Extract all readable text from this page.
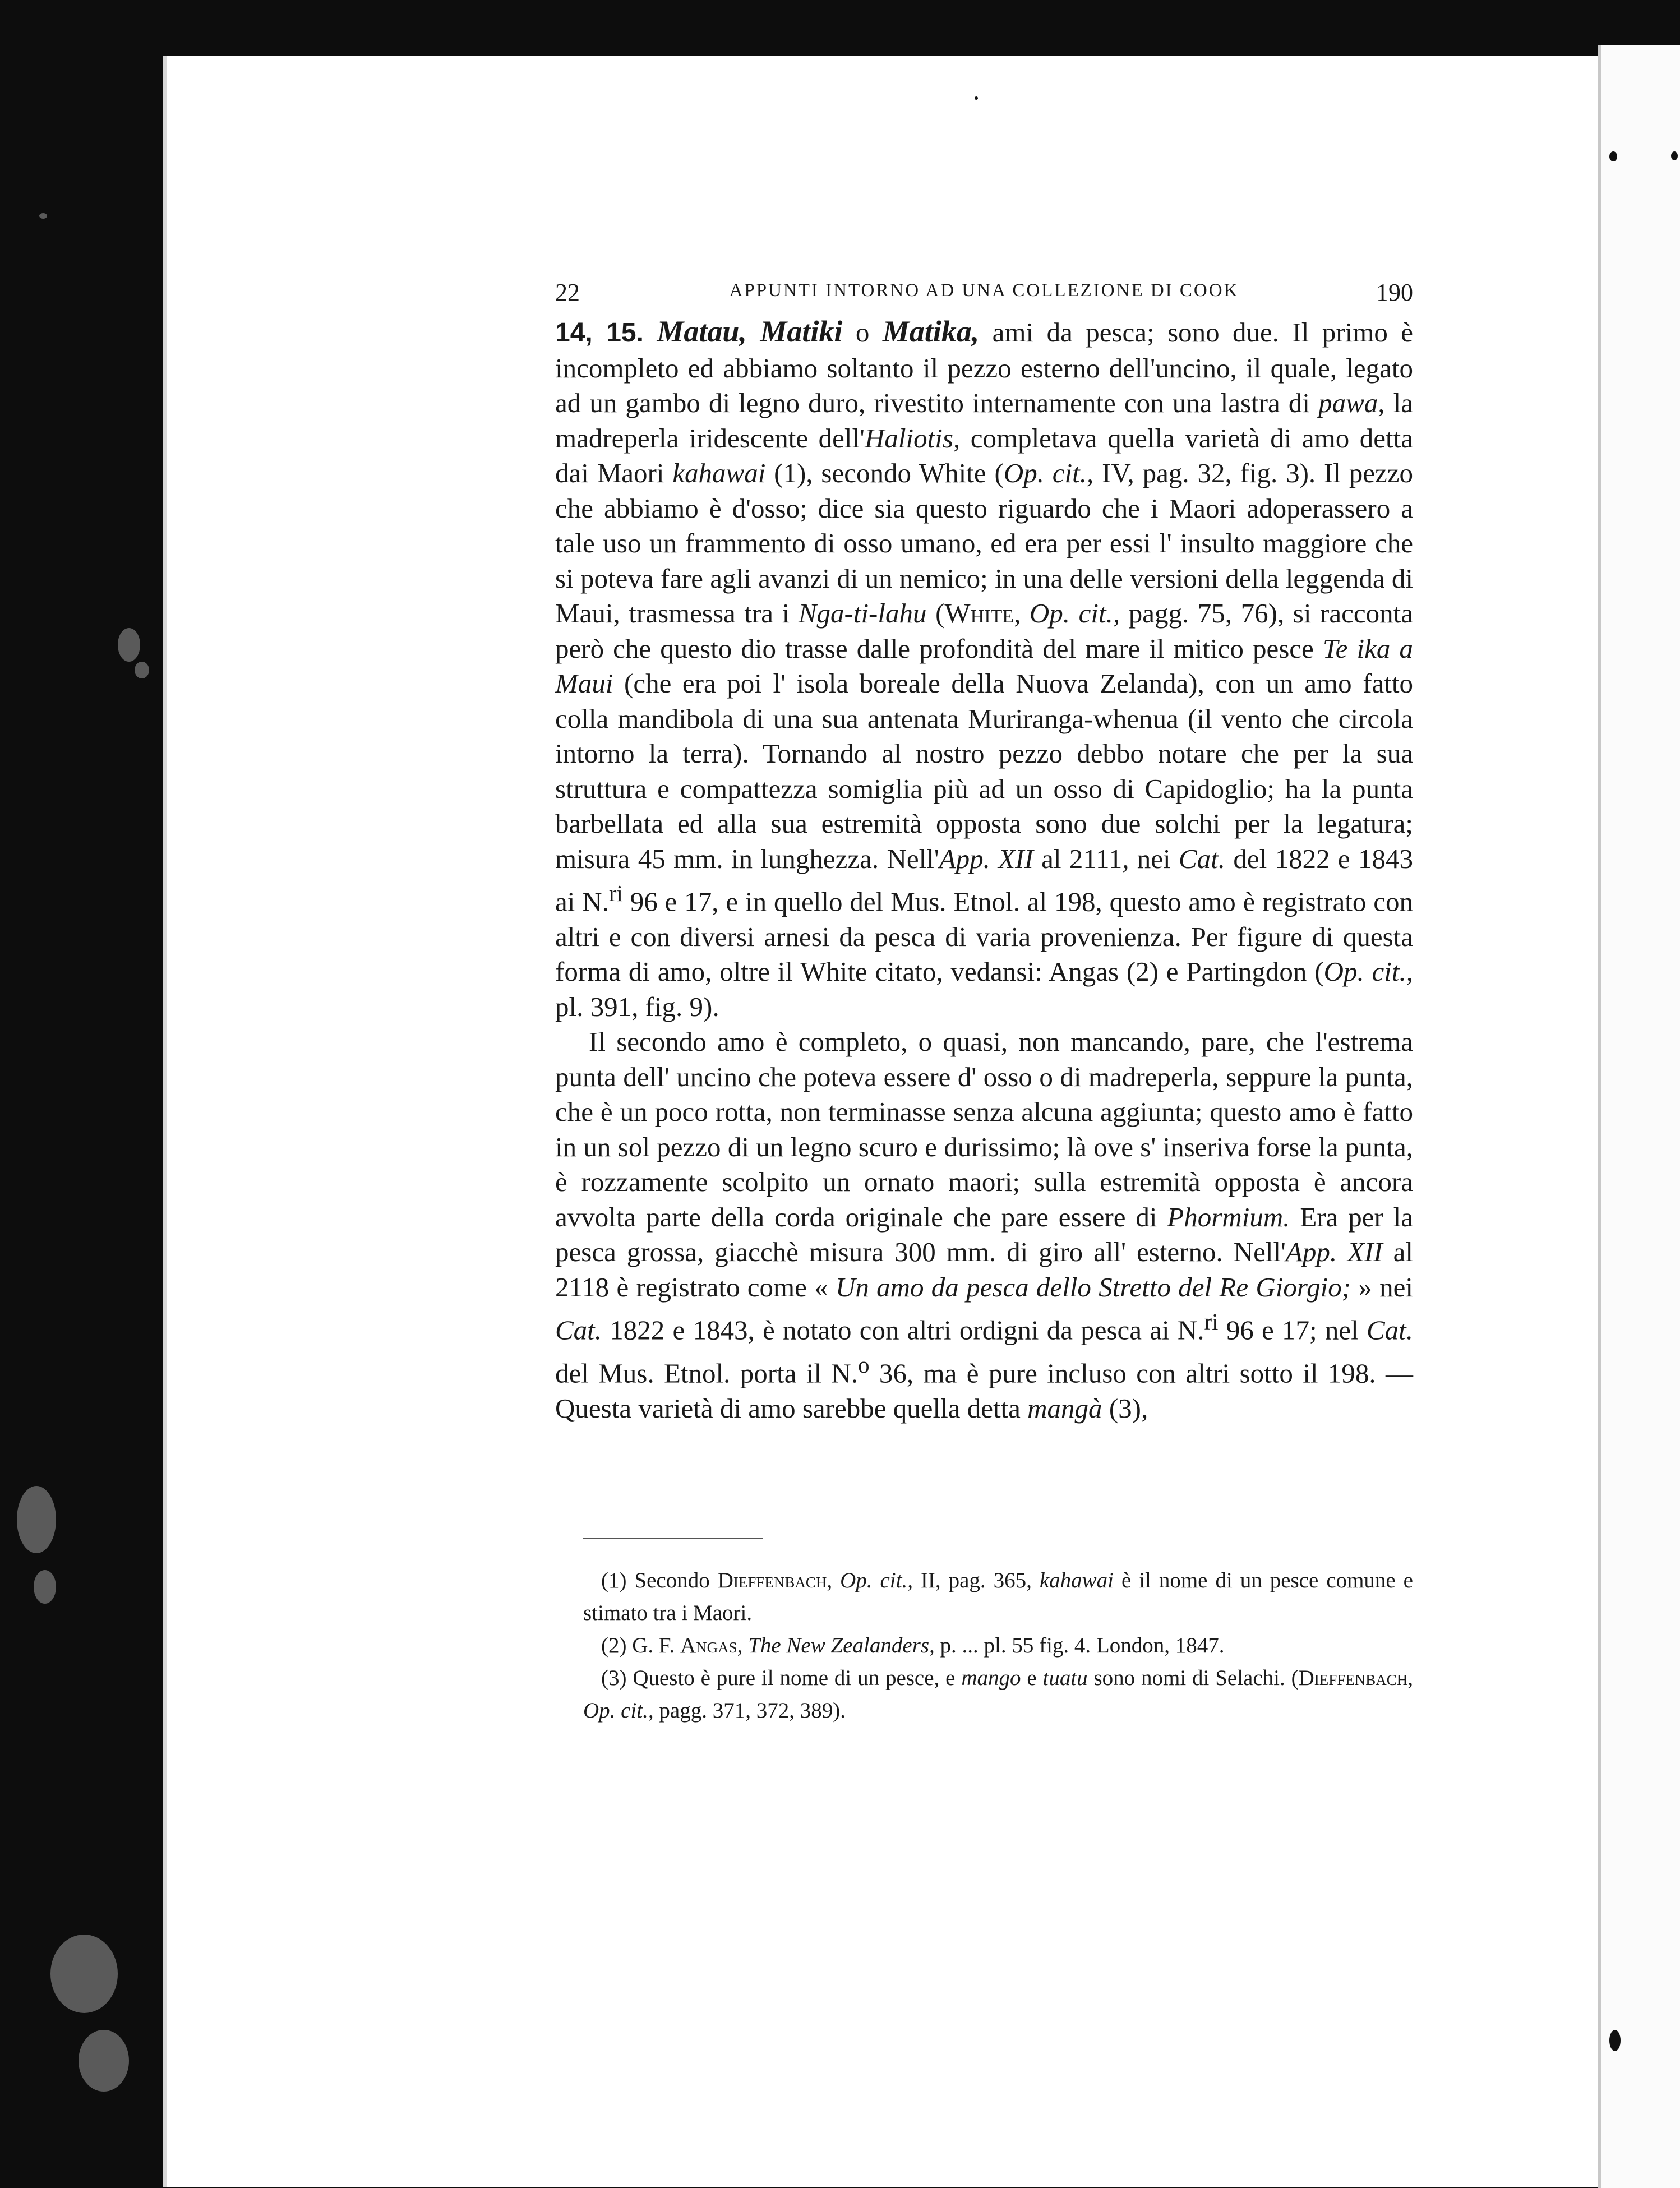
22	APPUNTI INTORNO AD UNA COLLEZIONE DI COOK	190

14, 15. Matau, Matiki o Matika, ami da pesca; sono due. Il primo è incompleto ed abbiamo soltanto il pezzo esterno dell'uncino, il quale, legato ad un gambo di legno duro, rivestito internamente con una lastra di pawa, la madreperla iridescente dell'Haliotis, completava quella varietà di amo detta dai Maori kahawai (1), secondo White (Op. cit., IV, pag. 32, fig. 3). Il pezzo che abbiamo è d'osso; dice sia questo riguardo che i Maori adoperassero a tale uso un frammento di osso umano, ed era per essi l' insulto maggiore che si poteva fare agli avanzi di un nemico; in una delle versioni della leggenda di Maui, trasmessa tra i Nga-ti-lahu (White, Op. cit., pagg. 75, 76), si racconta però che questo dio trasse dalle profondità del mare il mitico pesce Te ika a Maui (che era poi l' isola boreale della Nuova Zelanda), con un amo fatto colla mandibola di una sua antenata Muriranga-whenua (il vento che circola intorno la terra). Tornando al nostro pezzo debbo notare che per la sua struttura e compattezza somiglia più ad un osso di Capidoglio; ha la punta barbellata ed alla sua estremità opposta sono due solchi per la legatura; misura 45 mm. in lunghezza. Nell'App. XII al 2111, nei Cat. del 1822 e 1843 ai N.$^{ri}$ 96 e 17, e in quello del Mus. Etnol. al 198, questo amo è registrato con altri e con diversi arnesi da pesca di varia provenienza. Per figure di questa forma di amo, oltre il White citato, vedansi: Angas (2) e Partingdon (Op. cit., pl. 391, fig. 9).

Il secondo amo è completo, o quasi, non mancando, pare, che l'estrema punta dell' uncino che poteva essere d' osso o di madreperla, seppure la punta, che è un poco rotta, non terminasse senza alcuna aggiunta; questo amo è fatto in un sol pezzo di un legno scuro e durissimo; là ove s' inseriva forse la punta, è rozzamente scolpito un ornato maori; sulla estremità opposta è ancora avvolta parte della corda originale che pare essere di Phormium. Era per la pesca grossa, giacchè misura 300 mm. di giro all' esterno. Nell'App. XII al 2118 è registrato come « Un amo da pesca dello Stretto del Re Giorgio; » nei Cat. 1822 e 1843, è notato con altri ordigni da pesca ai N.$^{ri}$ 96 e 17; nel Cat. del Mus. Etnol. porta il N.$^o$ 36, ma è pure incluso con altri sotto il 198. — Questa varietà di amo sarebbe quella detta mangà (3),

(1) Secondo Dieffenbach, Op. cit., II, pag. 365, kahawai è il nome di un pesce comune e stimato tra i Maori.

(2) G. F. Angas, The New Zealanders, p. ... pl. 55 fig. 4. London, 1847.

(3) Questo è pure il nome di un pesce, e mango e tuatu sono nomi di Selachi. (Dieffenbach, Op. cit., pagg. 371, 372, 389).
